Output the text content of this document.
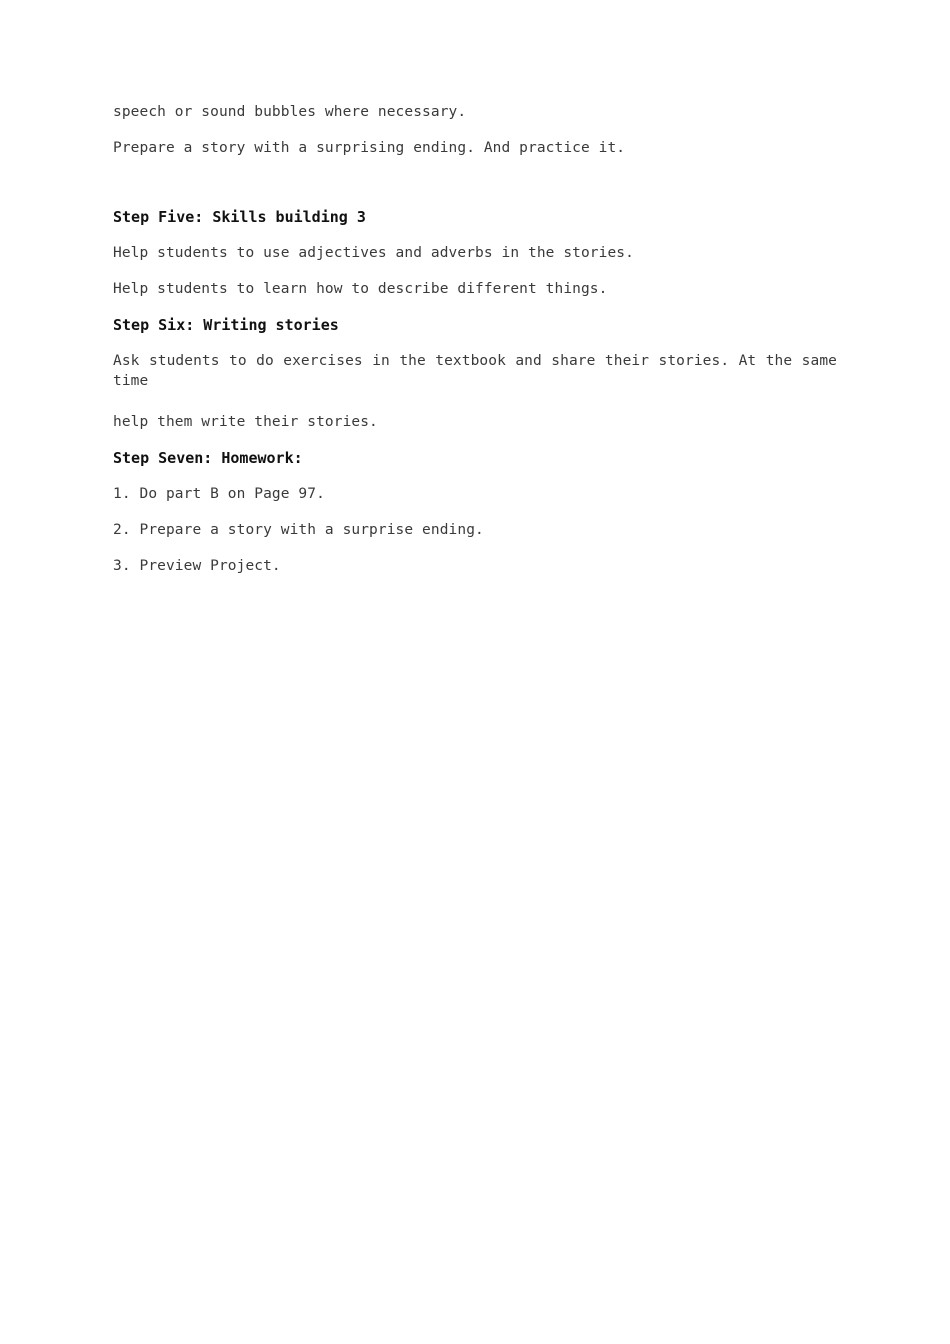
speech or sound bubbles where necessary.

Prepare a story with a surprising ending. And practice it.

Step Five: Skills building 3

Help students to use adjectives and adverbs in the stories.

Help students to learn how to describe different things.

Step Six: Writing stories

Ask students to do exercises in the textbook and share their stories. At the same time

help them write their stories.

Step Seven: Homework:

1. Do part B on Page 97.

2. Prepare a story with a surprise ending.

3. Preview Project.
